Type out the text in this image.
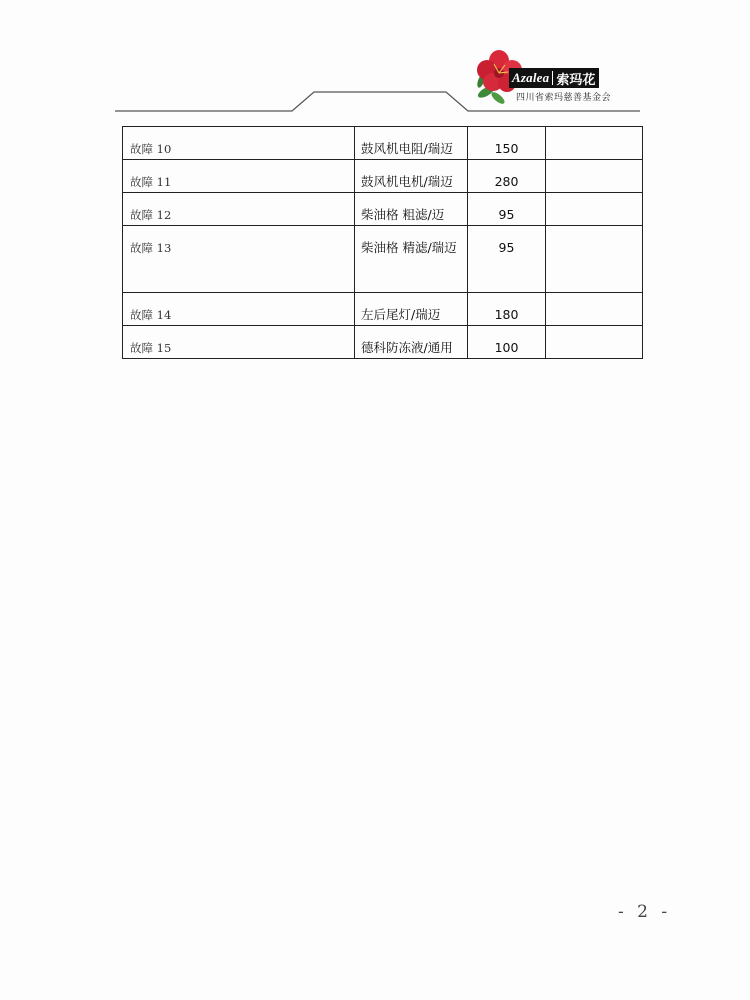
Azalea 索玛花
四川省索玛慈善基金会
故障 10	鼓风机电阻/瑞迈	150	

故障 11	鼓风机电机/瑞迈	280	

故障 12	柴油格 粗滤/迈	95	

故障 13	柴油格 精滤/瑞迈	95	

故障 14	左后尾灯/瑞迈	180	

故障 15	德科防冻液/通用	100	

- 2 -
